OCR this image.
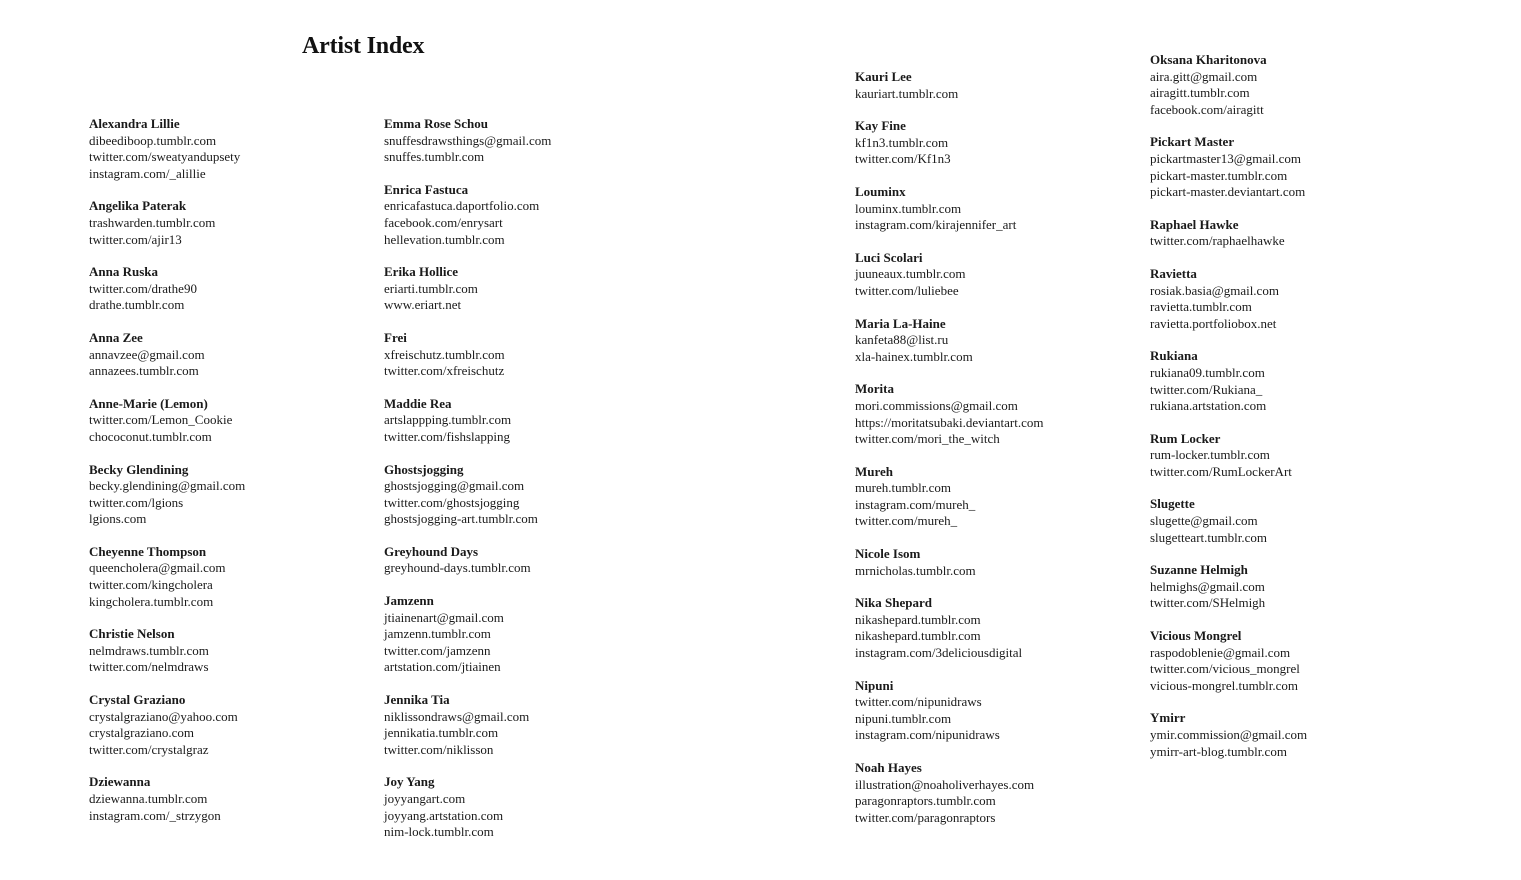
Artist Index
Alexandra Lillie
dibeediboop.tumblr.com
twitter.com/sweatyandupsety
instagram.com/_alillie
Angelika Paterak
trashwarden.tumblr.com
twitter.com/ajir13
Anna Ruska
twitter.com/drathe90
drathe.tumblr.com
Anna Zee
annavzee@gmail.com
annazees.tumblr.com
Anne-Marie (Lemon)
twitter.com/Lemon_Cookie
chococonut.tumblr.com
Becky Glendining
becky.glendining@gmail.com
twitter.com/lgions
lgions.com
Cheyenne Thompson
queencholera@gmail.com
twitter.com/kingcholera
kingcholera.tumblr.com
Christie Nelson
nelmdraws.tumblr.com
twitter.com/nelmdraws
Crystal Graziano
crystalgraziano@yahoo.com
crystalgraziano.com
twitter.com/crystalgraz
Dziewanna
dziewanna.tumblr.com
instagram.com/_strzygon
Emma Rose Schou
snuffesdrawsthings@gmail.com
snuffes.tumblr.com
Enrica Fastuca
enricafastuca.daportfolio.com
facebook.com/enrysart
hellevation.tumblr.com
Erika Hollice
eriarti.tumblr.com
www.eriart.net
Frei
xfreischutz.tumblr.com
twitter.com/xfreischutz
Maddie Rea
artslappping.tumblr.com
twitter.com/fishslapping
Ghostsjogging
ghostsjogging@gmail.com
twitter.com/ghostsjogging
ghostsjogging-art.tumblr.com
Greyhound Days
greyhound-days.tumblr.com
Jamzenn
jtiainenart@gmail.com
jamzenn.tumblr.com
twitter.com/jamzenn
artstation.com/jtiainen
Jennika Tia
niklissondraws@gmail.com
jennikatia.tumblr.com
twitter.com/niklisson
Joy Yang
joyyangart.com
joyyang.artstation.com
nim-lock.tumblr.com
Kauri Lee
kauriart.tumblr.com
Kay Fine
kf1n3.tumblr.com
twitter.com/Kf1n3
Louminx
louminx.tumblr.com
instagram.com/kirajennifer_art
Luci Scolari
juuneaux.tumblr.com
twitter.com/luliebee
Maria La-Haine
kanfeta88@list.ru
xla-hainex.tumblr.com
Morita
mori.commissions@gmail.com
https://moritatsubaki.deviantart.com
twitter.com/mori_the_witch
Mureh
mureh.tumblr.com
instagram.com/mureh_
twitter.com/mureh_
Nicole Isom
mrnicholas.tumblr.com
Nika Shepard
nikashepard.tumblr.com
nikashepard.tumblr.com
instagram.com/3deliciousdigital
Nipuni
twitter.com/nipunidraws
nipuni.tumblr.com
instagram.com/nipunidraws
Noah Hayes
illustration@noaholiverhayes.com
paragonraptors.tumblr.com
twitter.com/paragonraptors
Oksana Kharitonova
aira.gitt@gmail.com
airagitt.tumblr.com
facebook.com/airagitt
Pickart Master
pickartmaster13@gmail.com
pickart-master.tumblr.com
pickart-master.deviantart.com
Raphael Hawke
twitter.com/raphaelhawke
Ravietta
rosiak.basia@gmail.com
ravietta.tumblr.com
ravietta.portfoliobox.net
Rukiana
rukiana09.tumblr.com
twitter.com/Rukiana_
rukiana.artstation.com
Rum Locker
rum-locker.tumblr.com
twitter.com/RumLockerArt
Slugette
slugette@gmail.com
slugetteart.tumblr.com
Suzanne Helmigh
helmighs@gmail.com
twitter.com/SHelmigh
Vicious Mongrel
raspodoblenie@gmail.com
twitter.com/vicious_mongrel
vicious-mongrel.tumblr.com
Ymirr
ymir.commission@gmail.com
ymirr-art-blog.tumblr.com
